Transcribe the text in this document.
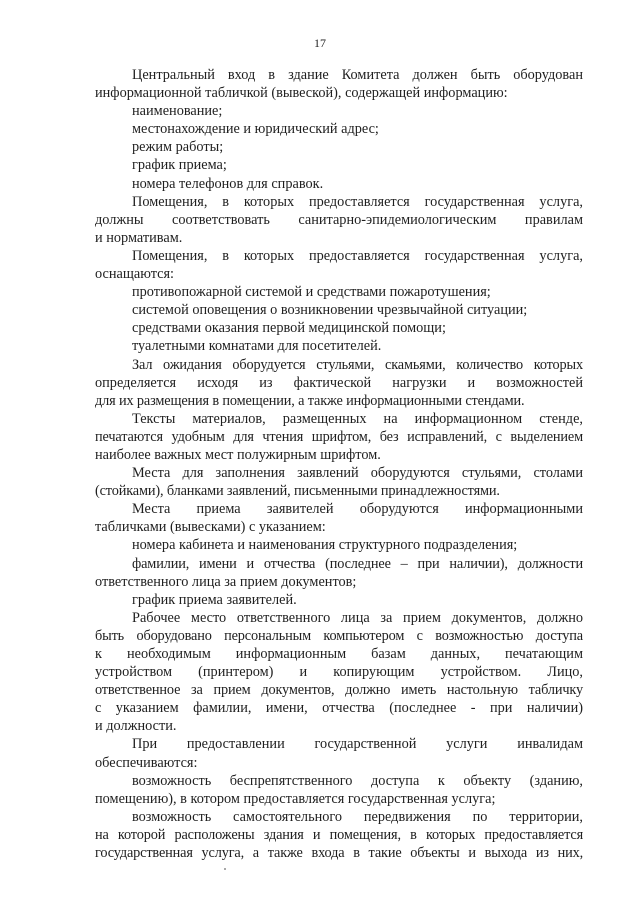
17

Центральный вход в здание Комитета должен быть оборудован

информационной табличкой (вывеской), содержащей информацию:

наименование;

местонахождение и юридический адрес;

режим работы;

график приема;

номера телефонов для справок.

Помещения, в которых предоставляется государственная услуга,

должны соответствовать санитарно-эпидемиологическим правилам

и нормативам.

Помещения, в которых предоставляется государственная услуга,

оснащаются:

противопожарной системой и средствами пожаротушения;

системой оповещения о возникновении чрезвычайной ситуации;

средствами оказания первой медицинской помощи;

туалетными комнатами для посетителей.

Зал ожидания оборудуется стульями, скамьями, количество которых

определяется исходя из фактической нагрузки и возможностей

для их размещения в помещении, а также информационными стендами.

Тексты материалов, размещенных на информационном стенде,

печатаются удобным для чтения шрифтом, без исправлений, с выделением

наиболее важных мест полужирным шрифтом.

Места для заполнения заявлений оборудуются стульями, столами

(стойками), бланками заявлений, письменными принадлежностями.

Места приема заявителей оборудуются информационными

табличками (вывесками) с указанием:

номера кабинета и наименования структурного подразделения;

фамилии, имени и отчества (последнее – при наличии), должности

ответственного лица за прием документов;

график приема заявителей.

Рабочее место ответственного лица за прием документов, должно

быть оборудовано персональным компьютером с возможностью доступа

к необходимым информационным базам данных, печатающим

устройством (принтером) и копирующим устройством. Лицо,

ответственное за прием документов, должно иметь настольную табличку

с указанием фамилии, имени, отчества (последнее - при наличии)

и должности.

При предоставлении государственной услуги инвалидам

обеспечиваются:

возможность беспрепятственного доступа к объекту (зданию,

помещению), в котором предоставляется государственная услуга;

возможность самостоятельного передвижения по территории,

на которой расположены здания и помещения, в которых предоставляется

государственная услуга, а также входа в такие объекты и выхода из них,
